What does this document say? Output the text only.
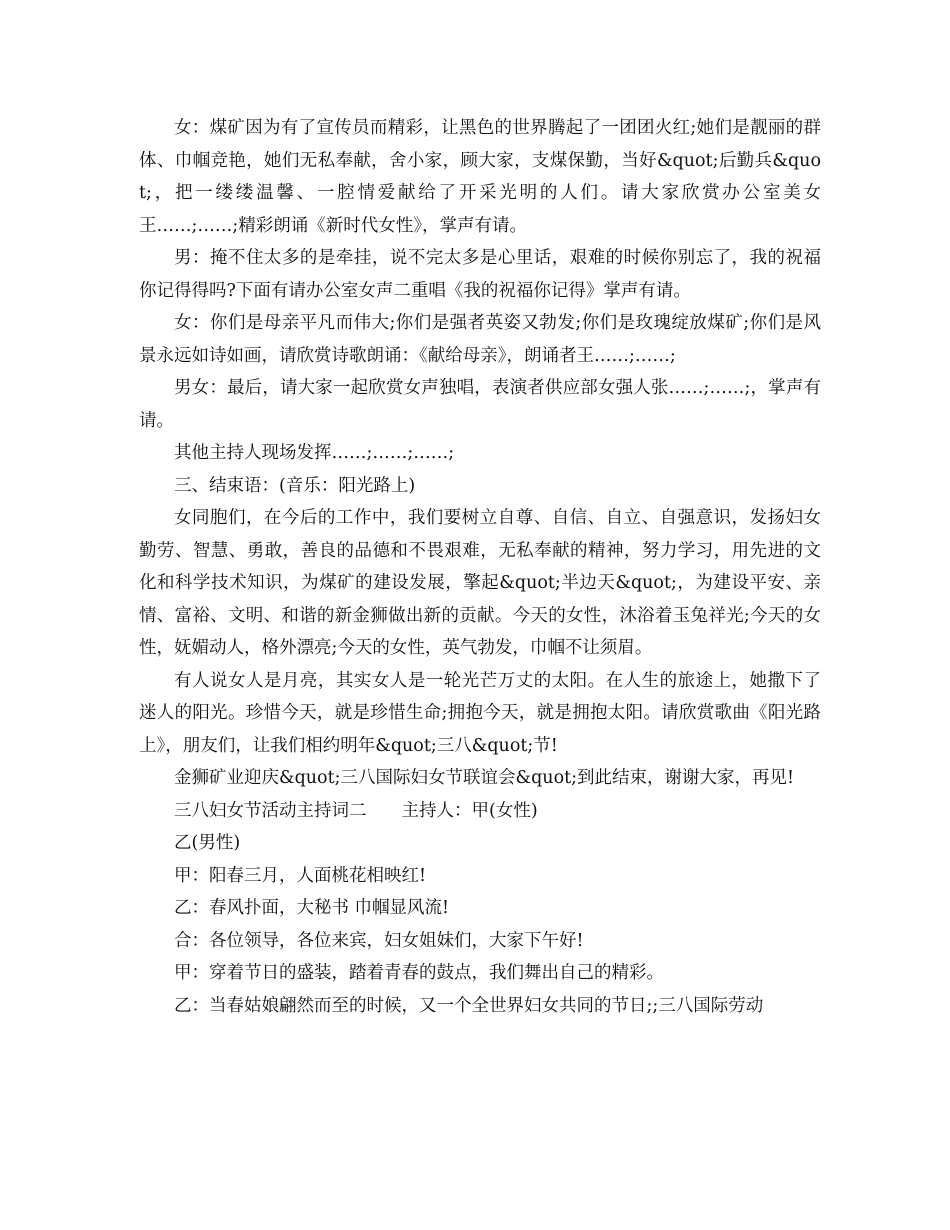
女：煤矿因为有了宣传员而精彩，让黑色的世界腾起了一团团火红;她们是靓丽的群体、巾帼竞艳，她们无私奉献，舍小家，顾大家，支煤保勤，当好&quot;后勤兵&quot;，把一缕缕温馨、一腔情爱献给了开采光明的人们。请大家欣赏办公室美女王……;……;精彩朗诵《新时代女性》，掌声有请。

男：掩不住太多的是牵挂，说不完太多是心里话，艰难的时候你别忘了，我的祝福你记得得吗?下面有请办公室女声二重唱《我的祝福你记得》掌声有请。

女：你们是母亲平凡而伟大;你们是强者英姿又勃发;你们是玫瑰绽放煤矿;你们是风景永远如诗如画，请欣赏诗歌朗诵：《献给母亲》，朗诵者王……;……;

男女：最后，请大家一起欣赏女声独唱，表演者供应部女强人张……;……;，掌声有请。

其他主持人现场发挥……;……;……;

三、结束语：(音乐：阳光路上)

女同胞们，在今后的工作中，我们要树立自尊、自信、自立、自强意识，发扬妇女勤劳、智慧、勇敢，善良的品德和不畏艰难，无私奉献的精神，努力学习，用先进的文化和科学技术知识，为煤矿的建设发展，擎起&quot;半边天&quot;，为建设平安、亲情、富裕、文明、和谐的新金狮做出新的贡献。今天的女性，沐浴着玉兔祥光;今天的女性，妩媚动人，格外漂亮;今天的女性，英气勃发，巾帼不让须眉。

有人说女人是月亮，其实女人是一轮光芒万丈的太阳。在人生的旅途上，她撒下了迷人的阳光。珍惜今天，就是珍惜生命;拥抱今天，就是拥抱太阳。请欣赏歌曲《阳光路上》，朋友们，让我们相约明年&quot;三八&quot;节!

金狮矿业迎庆&quot;三八国际妇女节联谊会&quot;到此结束，谢谢大家，再见!

三八妇女节活动主持词二　　主持人：甲(女性)

乙(男性)

甲：阳春三月，人面桃花相映红!

乙：春风扑面，大秘书 巾帼显风流!

合：各位领导，各位来宾，妇女姐妹们，大家下午好!

甲：穿着节日的盛装，踏着青春的鼓点，我们舞出自己的精彩。

乙：当春姑娘翩然而至的时候，又一个全世界妇女共同的节日;;三八国际劳动
